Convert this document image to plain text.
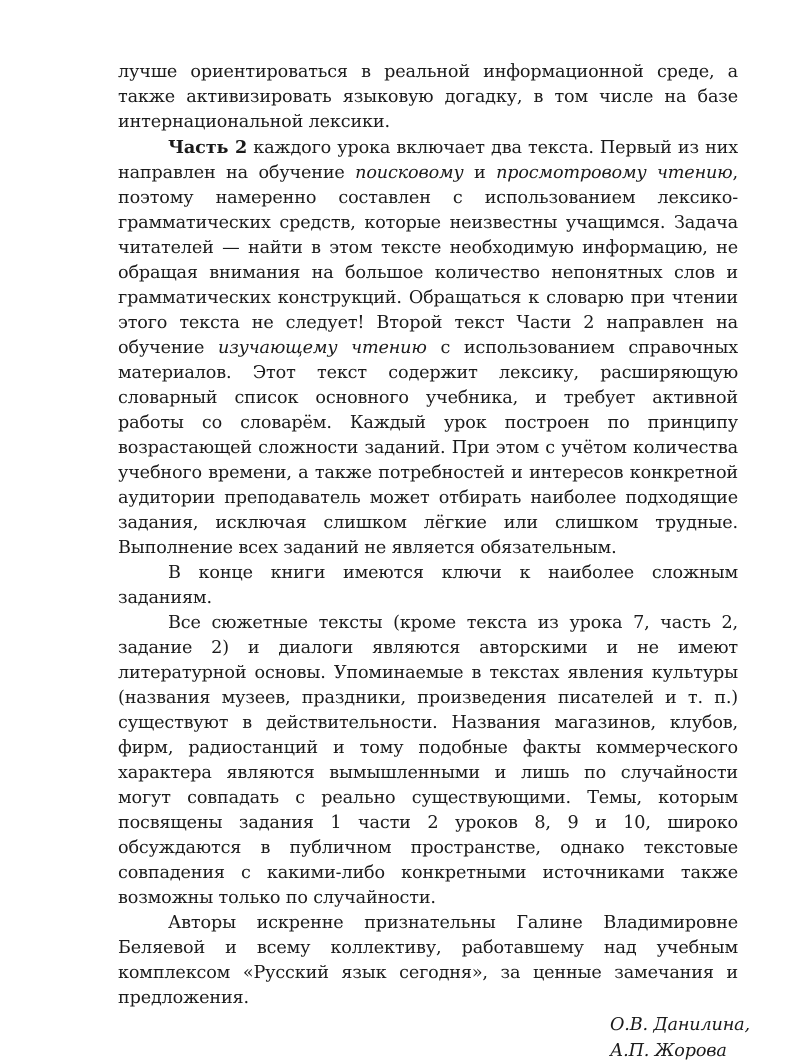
лучше ориентироваться в реальной информационной среде, а также активизировать языковую догадку, в том числе на базе интернациональной лексики.

Часть 2 каждого урока включает два текста. Первый из них направлен на обучение поисковому и просмотровому чтению, поэтому намеренно составлен с использованием лексико-грамматических средств, которые неизвестны учащимся. Задача читателей — найти в этом тексте необходимую информацию, не обращая внимания на большое количество непонятных слов и грамматических конструкций. Обращаться к словарю при чтении этого текста не следует! Второй текст Части 2 направлен на обучение изучающему чтению с использованием справочных материалов. Этот текст содержит лексику, расширяющую словарный список основного учебника, и требует активной работы со словарём. Каждый урок построен по принципу возрастающей сложности заданий. При этом с учётом количества учебного времени, а также потребностей и интересов конкретной аудитории преподаватель может отбирать наиболее подходящие задания, исключая слишком лёгкие или слишком трудные. Выполнение всех заданий не является обязательным.

В конце книги имеются ключи к наиболее сложным заданиям.

Все сюжетные тексты (кроме текста из урока 7, часть 2, задание 2) и диалоги являются авторскими и не имеют литературной основы. Упоминаемые в текстах явления культуры (названия музеев, праздники, произведения писателей и т. п.) существуют в действительности. Названия магазинов, клубов, фирм, радиостанций и тому подобные факты коммерческого характера являются вымышленными и лишь по случайности могут совпадать с реально существующими. Темы, которым посвящены задания 1 части 2 уроков 8, 9 и 10, широко обсуждаются в публичном пространстве, однако текстовые совпадения с какими-либо конкретными источниками также возможны только по случайности.

Авторы искренне признательны Галине Владимировне Беляевой и всему коллективу, работавшему над учебным комплексом «Русский язык сегодня», за ценные замечания и предложения.

О.В. Данилина,
А.П. Жорова
